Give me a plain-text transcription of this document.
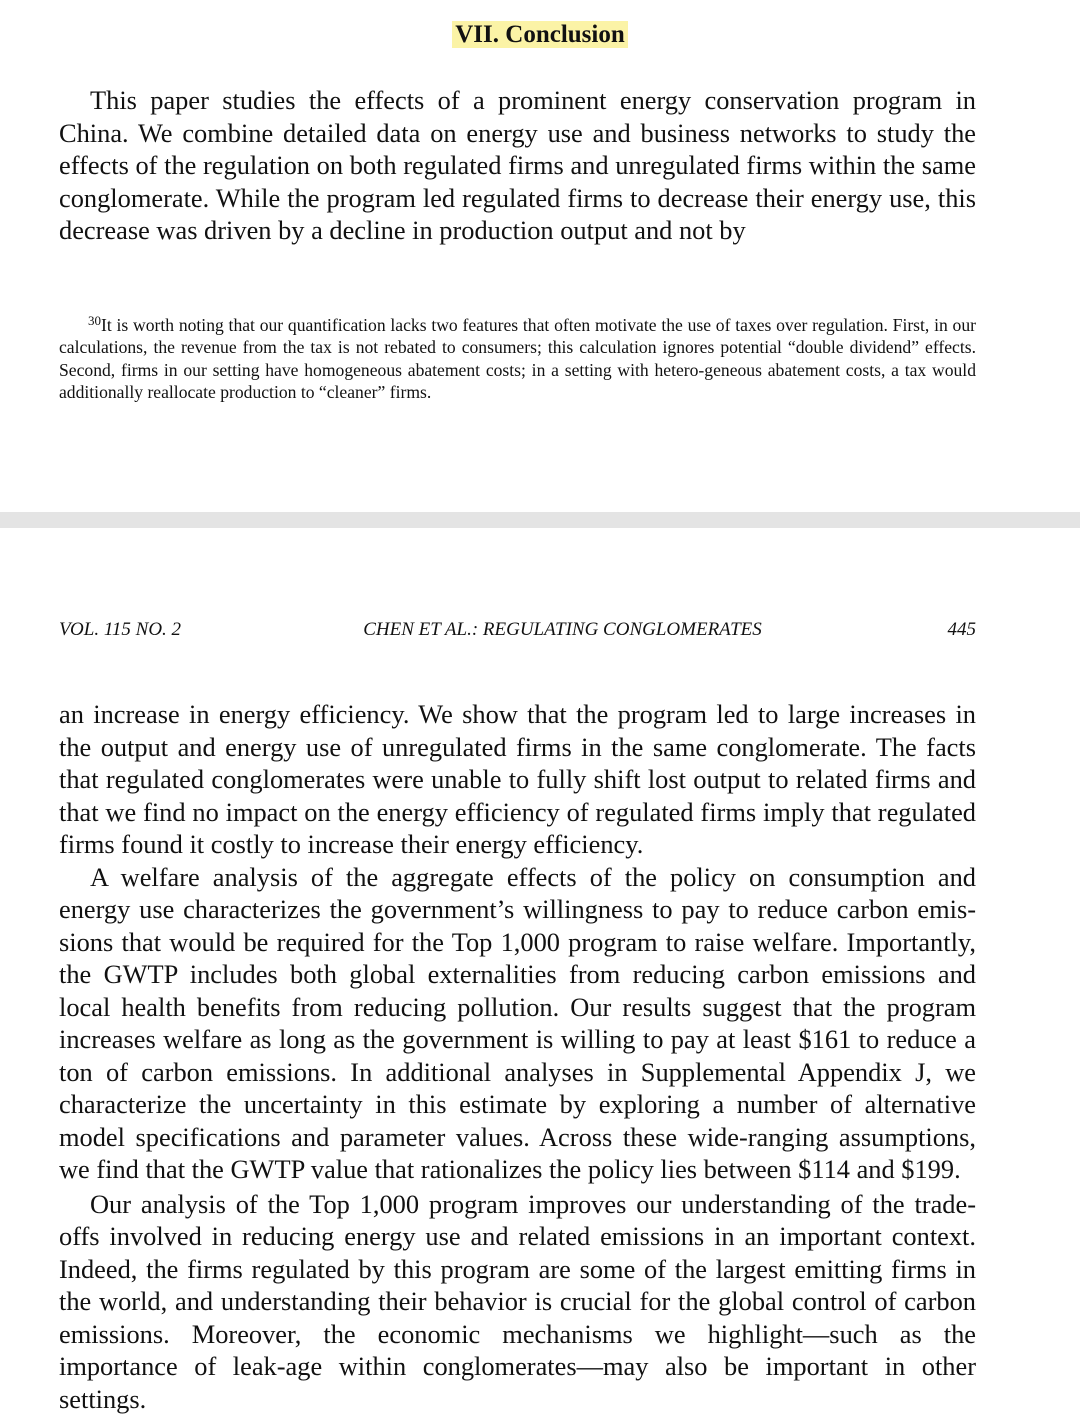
VII. Conclusion

This paper studies the effects of a prominent energy conservation program in China. We combine detailed data on energy use and business networks to study the effects of the regulation on both regulated firms and unregulated firms within the same conglomerate. While the program led regulated firms to decrease their energy use, this decrease was driven by a decline in production output and not by

$^{30}$It is worth noting that our quantification lacks two features that often motivate the use of taxes over regulation. First, in our calculations, the revenue from the tax is not rebated to consumers; this calculation ignores potential “double dividend” effects. Second, firms in our setting have homogeneous abatement costs; in a setting with hetero-geneous abatement costs, a tax would additionally reallocate production to “cleaner” firms.

VOL. 115 NO. 2	CHEN ET AL.: REGULATING CONGLOMERATES	445

an increase in energy efficiency. We show that the program led to large increases in the output and energy use of unregulated firms in the same conglomerate. The facts that regulated conglomerates were unable to fully shift lost output to related firms and that we find no impact on the energy efficiency of regulated firms imply that regulated firms found it costly to increase their energy efficiency.

A welfare analysis of the aggregate effects of the policy on consumption and energy use characterizes the government’s willingness to pay to reduce carbon emis-sions that would be required for the Top 1,000 program to raise welfare. Importantly, the GWTP includes both global externalities from reducing carbon emissions and local health benefits from reducing pollution. Our results suggest that the program increases welfare as long as the government is willing to pay at least $161 to reduce a ton of carbon emissions. In additional analyses in Supplemental Appendix J, we characterize the uncertainty in this estimate by exploring a number of alternative model specifications and parameter values. Across these wide-ranging assumptions, we find that the GWTP value that rationalizes the policy lies between $114 and $199.

Our analysis of the Top 1,000 program improves our understanding of the trade-offs involved in reducing energy use and related emissions in an important context. Indeed, the firms regulated by this program are some of the largest emitting firms in the world, and understanding their behavior is crucial for the global control of carbon emissions. Moreover, the economic mechanisms we highlight—such as the importance of leak-age within conglomerates—may also be important in other settings.
